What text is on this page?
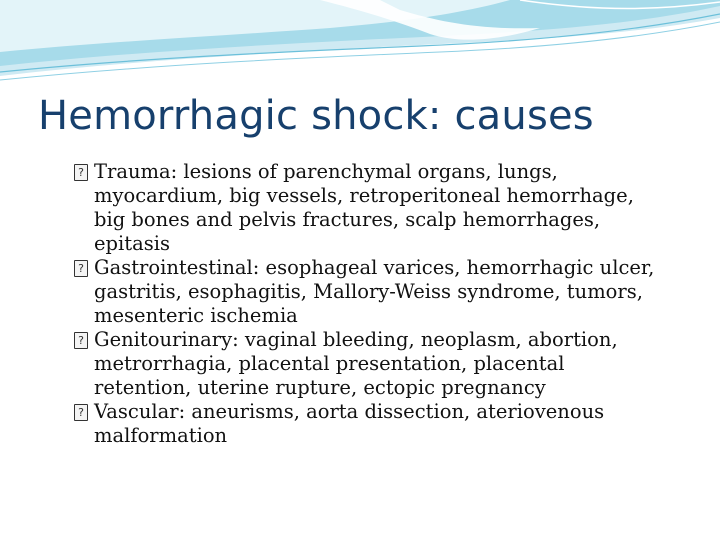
Hemorrhagic shock: causes
? Trauma: lesions of parenchymal organs, lungs,
myocardium, big vessels, retroperitoneal hemorrhage,
big bones and pelvis fractures, scalp hemorrhages,
epitasis
? Gastrointestinal: esophageal varices, hemorrhagic ulcer,
gastritis, esophagitis, Mallory-Weiss syndrome, tumors,
mesenteric ischemia
? Genitourinary: vaginal bleeding, neoplasm, abortion,
metrorrhagia, placental presentation, placental
retention, uterine rupture, ectopic pregnancy
? Vascular: aneurisms, aorta dissection, ateriovenous
malformation
